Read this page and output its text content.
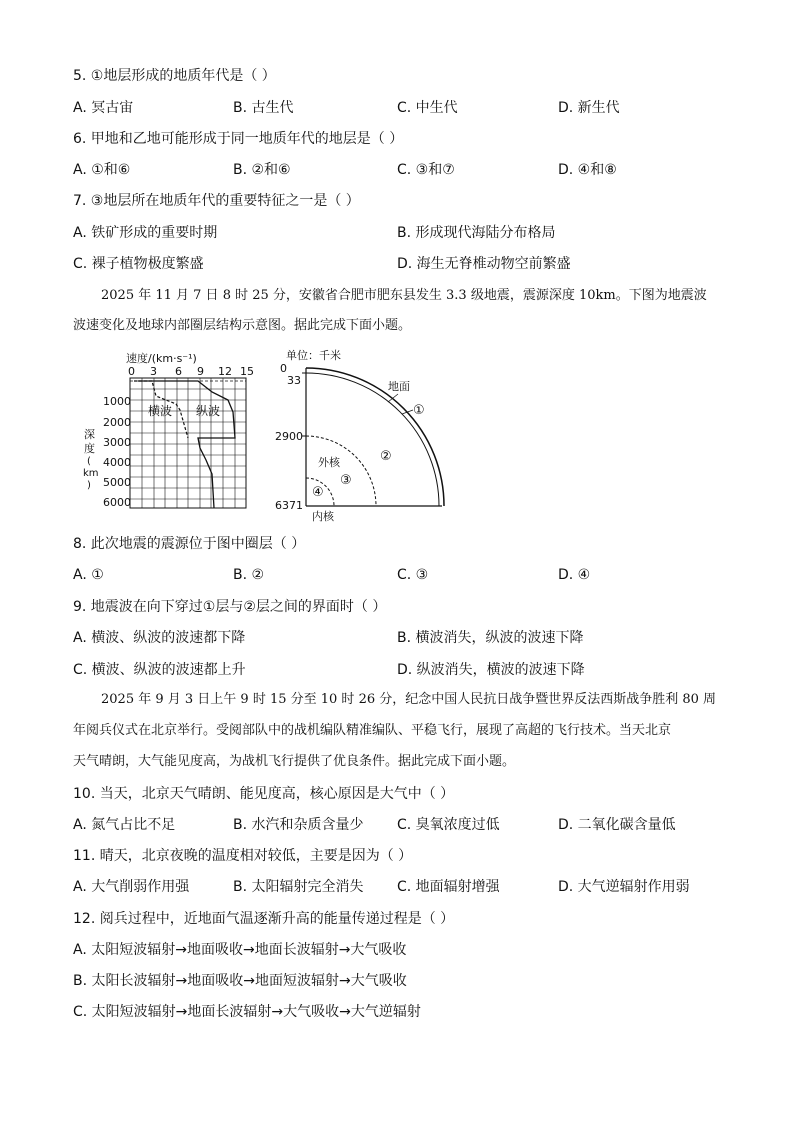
5. ①地层形成的地质年代是（ ）
A. 冥古宙	B. 古生代	C. 中生代	D. 新生代
6. 甲地和乙地可能形成于同一地质年代的地层是（ ）
A. ①和⑥	B. ②和⑥	C. ③和⑦	D. ④和⑧
7. ③地层所在地质年代的重要特征之一是（ ）
A. 铁矿形成的重要时期	B. 形成现代海陆分布格局
C. 裸子植物极度繁盛	D. 海生无脊椎动物空前繁盛
2025 年 11 月 7 日 8 时 25 分，安徽省合肥市肥东县发生 3.3 级地震，震源深度 10km。下图为地震波
波速变化及地球内部圈层结构示意图。据此完成下面小题。
速度/(km·s⁻¹)
0 3 6 9 12 15
1000
2000
3000
4000
5000
6000
深
度
(
km
)
横波 纵波
单位：千米
0
33
2900
6371
地面
①
②
外核
③
④
内核
8. 此次地震的震源位于图中圈层（ ）
A. ①	B. ②	C. ③	D. ④
9. 地震波在向下穿过①层与②层之间的界面时（ ）
A. 横波、纵波的波速都下降	B. 横波消失，纵波的波速下降
C. 横波、纵波的波速都上升	D. 纵波消失，横波的波速下降
2025 年 9 月 3 日上午 9 时 15 分至 10 时 26 分，纪念中国人民抗日战争暨世界反法西斯战争胜利 80 周
年阅兵仪式在北京举行。受阅部队中的战机编队精准编队、平稳飞行，展现了高超的飞行技术。当天北京
天气晴朗，大气能见度高，为战机飞行提供了优良条件。据此完成下面小题。
10. 当天，北京天气晴朗、能见度高，核心原因是大气中（ ）
A. 氮气占比不足	B. 水汽和杂质含量少 C. 臭氧浓度过低	D. 二氧化碳含量低
11. 晴天，北京夜晚的温度相对较低，主要是因为（ ）
A. 大气削弱作用强	B. 太阳辐射完全消失 C. 地面辐射增强	D. 大气逆辐射作用弱
12. 阅兵过程中，近地面气温逐渐升高的能量传递过程是（ ）
A. 太阳短波辐射→地面吸收→地面长波辐射→大气吸收
B. 太阳长波辐射→地面吸收→地面短波辐射→大气吸收
C. 太阳短波辐射→地面长波辐射→大气吸收→大气逆辐射
